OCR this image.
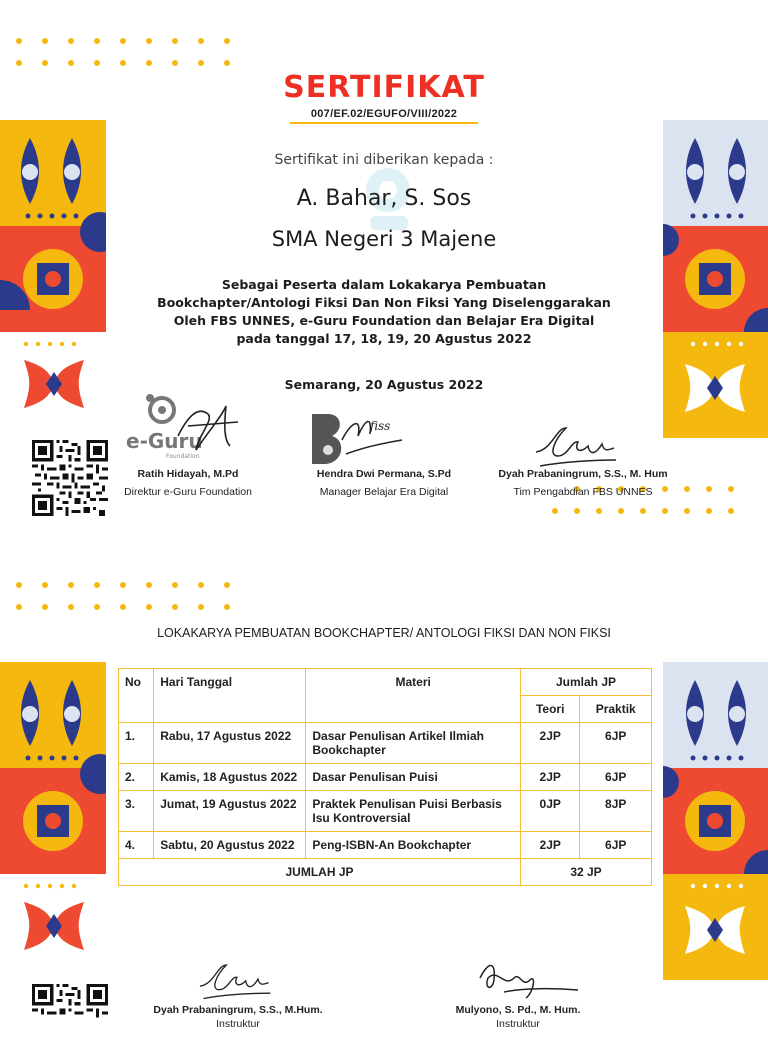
SERTIFIKAT
007/EF.02/EGUFO/VIII/2022
Sertifikat ini diberikan kepada :
A. Bahar, S. Sos
SMA Negeri 3 Majene
Sebagai Peserta dalam Lokakarya Pembuatan
Bookchapter/Antologi Fiksi Dan Non Fiksi Yang Diselenggarakan
Oleh FBS UNNES, e-Guru Foundation dan Belajar Era Digital
pada tanggal 17, 18, 19, 20 Agustus 2022
Semarang, 20 Agustus 2022
e-Guru
Foundation
fiss
Ratih Hidayah, M.Pd
Direktur e-Guru Foundation
Hendra Dwi Permana, S.Pd
Manager Belajar Era Digital
Dyah Prabaningrum, S.S., M. Hum
Tim Pengabdian FBS UNNES
LOKAKARYA PEMBUATAN BOOKCHAPTER/ ANTOLOGI FIKSI DAN NON FIKSI
No	Hari Tanggal	Materi	Jumlah JP	
			Teori	Praktik
1.	Rabu, 17 Agustus 2022	Dasar Penulisan Artikel Ilmiah Bookchapter	2JP	6JP
2.	Kamis, 18 Agustus 2022	Dasar Penulisan Puisi	2JP	6JP
3.	Jumat, 19 Agustus 2022	Praktek Penulisan Puisi Berbasis Isu Kontroversial	0JP	8JP
4.	Sabtu, 20 Agustus 2022	Peng-ISBN-An Bookchapter	2JP	6JP
JUMLAH JP			32 JP	
Dyah Prabaningrum, S.S., M.Hum.
Instruktur
Mulyono, S. Pd., M. Hum.
Instruktur
